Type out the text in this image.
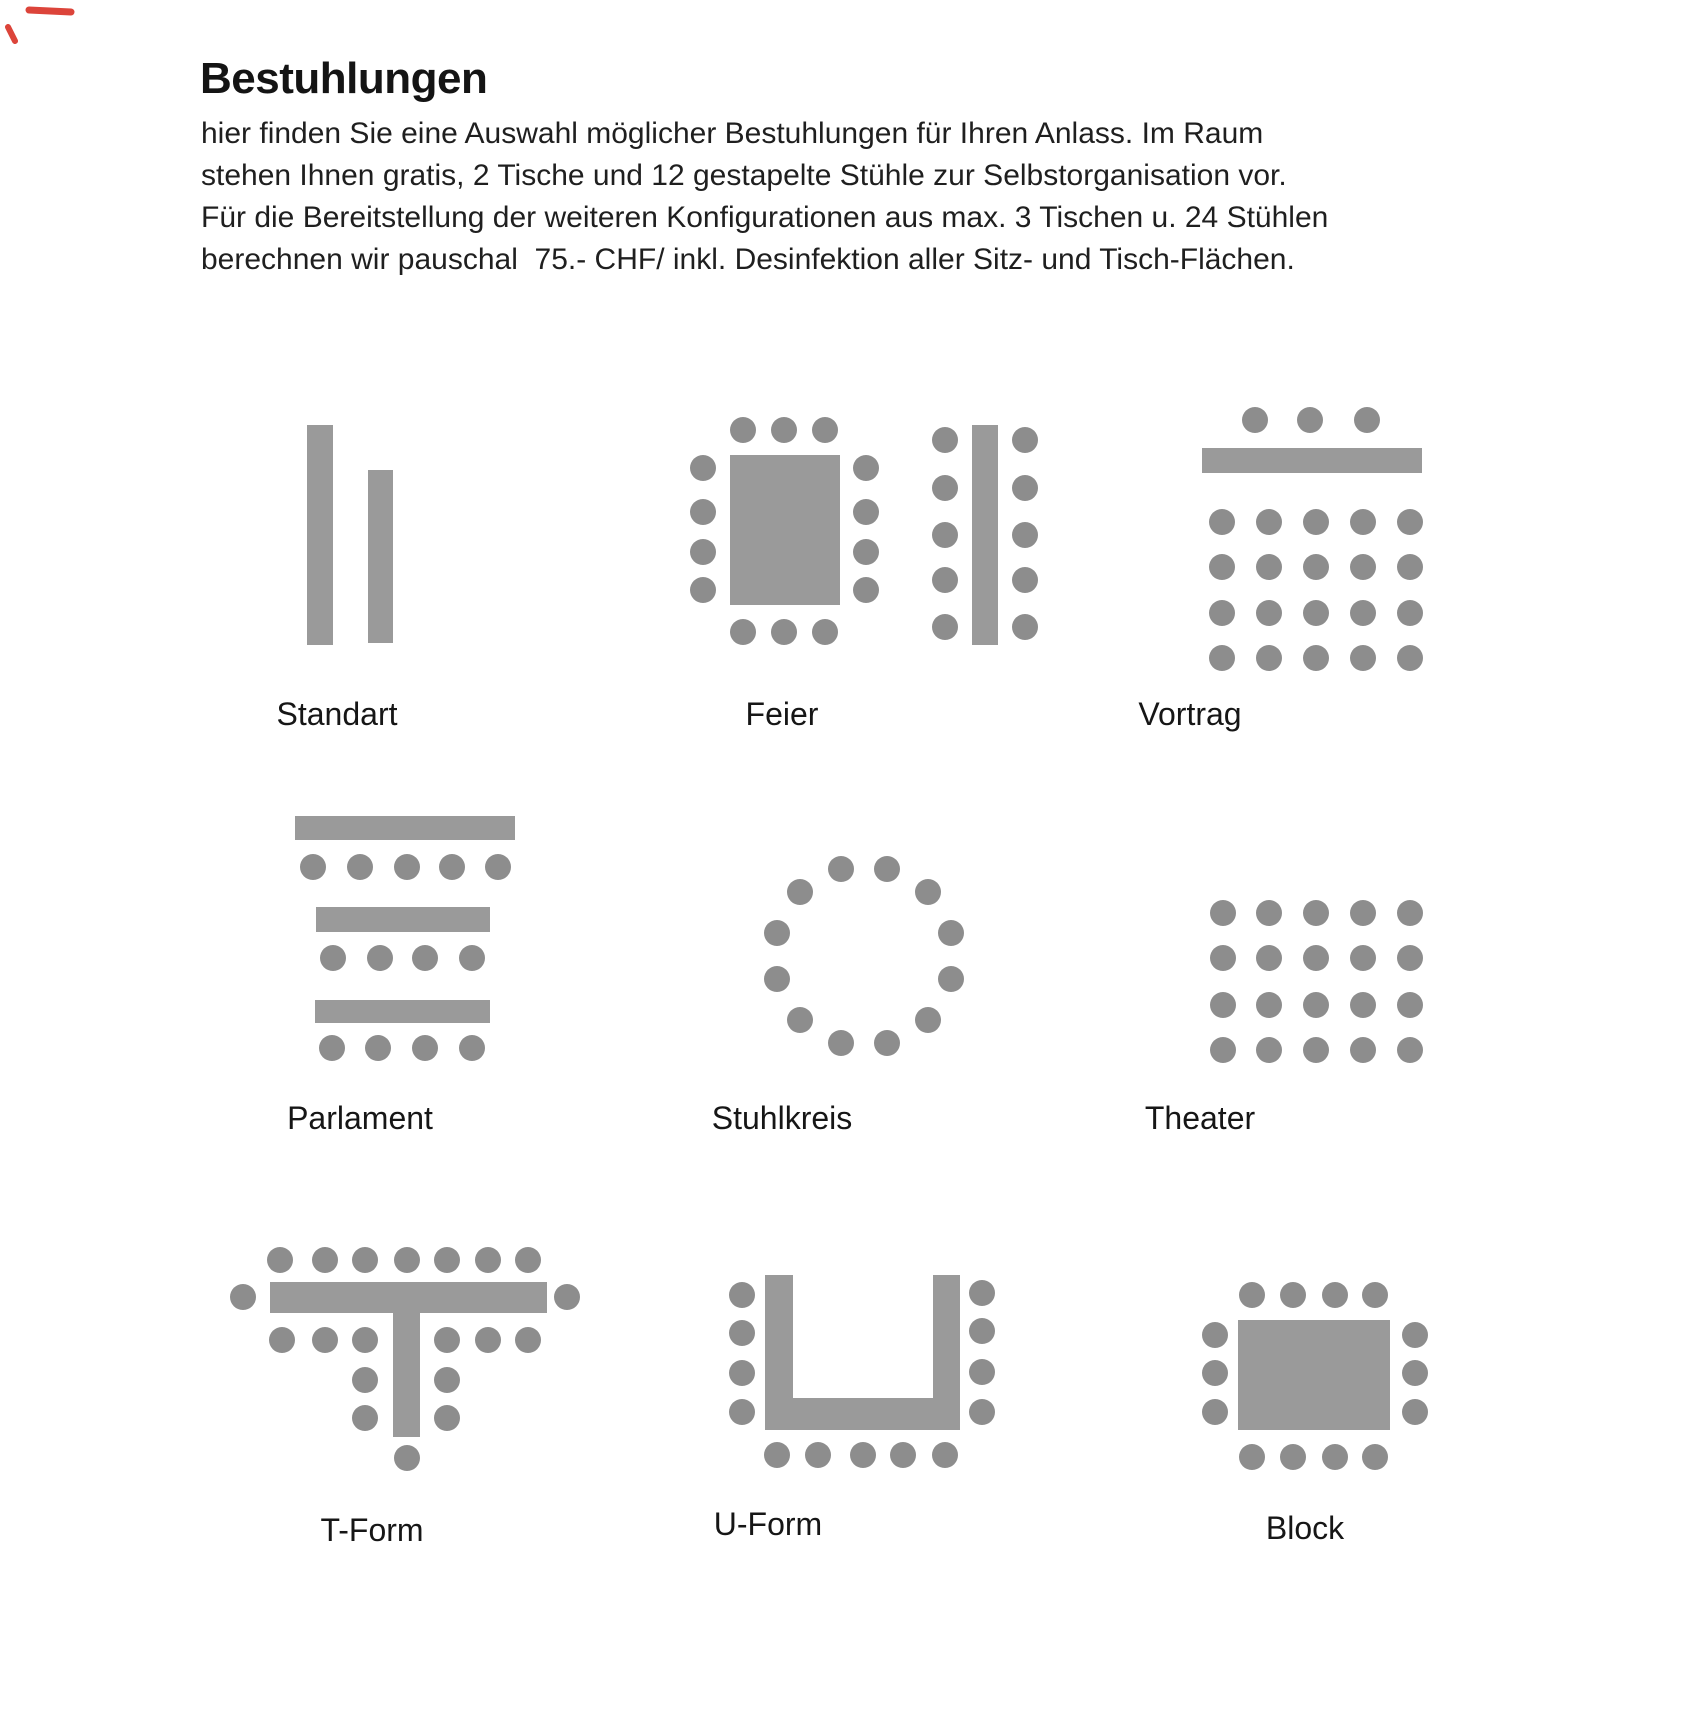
Bestuhlungen
hier finden Sie eine Auswahl möglicher Bestuhlungen für Ihren Anlass. Im Raum
stehen Ihnen gratis, 2 Tische und 12 gestapelte Stühle zur Selbstorganisation vor.
Für die Bereitstellung der weiteren Konfigurationen aus max. 3 Tischen u. 24 Stühlen
berechnen wir pauschal  75.- CHF/ inkl. Desinfektion aller Sitz- und Tisch-Flächen.
Standart	Feier	Vortrag
Parlament	Stuhlkreis	Theater
T-Form	U-Form	Block
